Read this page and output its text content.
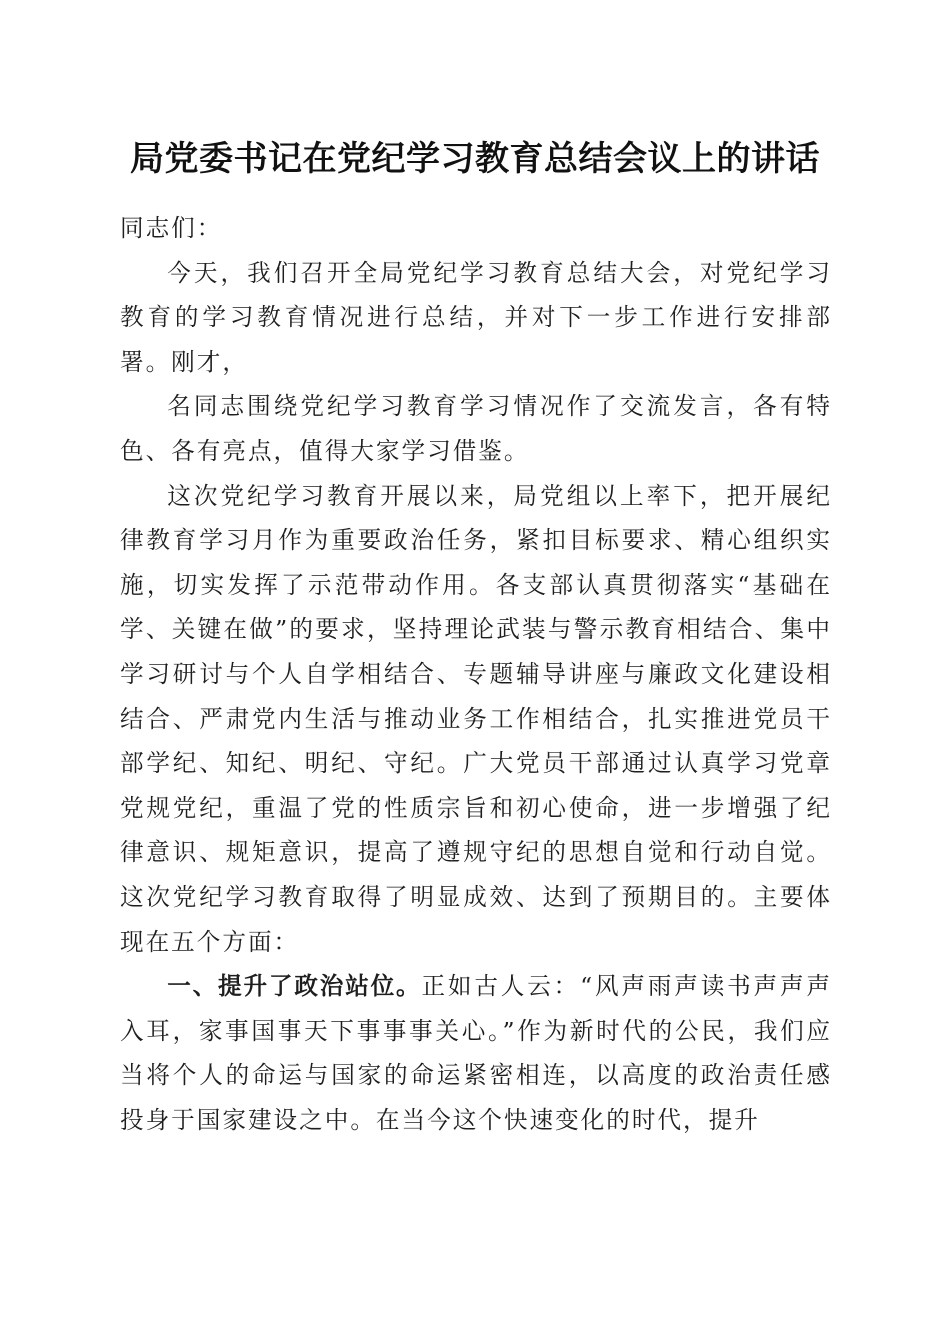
局党委书记在党纪学习教育总结会议上的讲话

同志们：

今天，我们召开全局党纪学习教育总结大会，对党纪学习教育的学习教育情况进行总结，并对下一步工作进行安排部署。刚才，

名同志围绕党纪学习教育学习情况作了交流发言，各有特色、各有亮点，值得大家学习借鉴。

这次党纪学习教育开展以来，局党组以上率下，把开展纪律教育学习月作为重要政治任务，紧扣目标要求、精心组织实施，切实发挥了示范带动作用。各支部认真贯彻落实“基础在学、关键在做”的要求，坚持理论武装与警示教育相结合、集中学习研讨与个人自学相结合、专题辅导讲座与廉政文化建设相结合、严肃党内生活与推动业务工作相结合，扎实推进党员干部学纪、知纪、明纪、守纪。广大党员干部通过认真学习党章党规党纪，重温了党的性质宗旨和初心使命，进一步增强了纪律意识、规矩意识，提高了遵规守纪的思想自觉和行动自觉。这次党纪学习教育取得了明显成效、达到了预期目的。主要体现在五个方面：

一、提升了政治站位。正如古人云：“风声雨声读书声声声入耳，家事国事天下事事事关心。”作为新时代的公民，我们应当将个人的命运与国家的命运紧密相连，以高度的政治责任感投身于国家建设之中。在当今这个快速变化的时代，提升
